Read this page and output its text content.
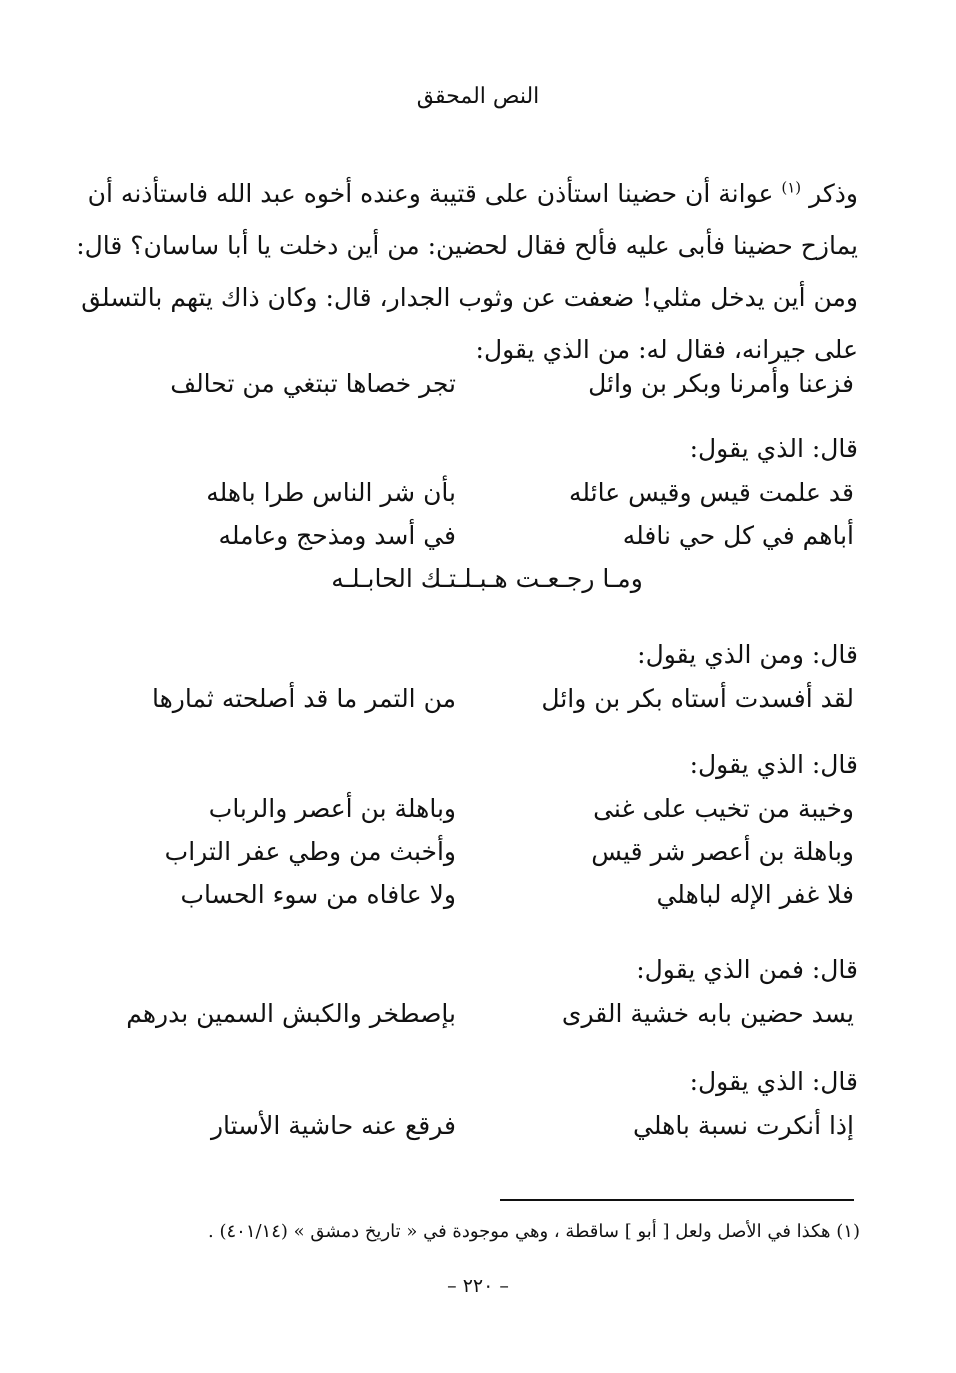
النص المحقق
وذكر $^{(١)}$ عوانة أن حضينا استأذن على قتيبة وعنده أخوه عبد الله فاستأذنه أن
يمازح حضينا فأبى عليه فألح فقال لحضين: من أين دخلت يا أبا ساسان؟ قال:
ومن أين يدخل مثلي! ضعفت عن وثوب الجدار، قال: وكان ذاك يتهم بالتسلق
على جيرانه، فقال له: من الذي يقول:
فزعنا وأمرنا وبكر بن وائل
تجر خصاها تبتغي من تحالف
قال: الذي يقول:
قد علمت قيس وقيس عائله
بأن شر الناس طرا باهله
أباهم في كل حي نافله
في أسد ومذحج وعامله
ومـا رجـعـت هـبـلـتـك الحابـلـه
قال: ومن الذي يقول:
لقد أفسدت أستاه بكر بن وائل
من التمر ما قد أصلحته ثمارها
قال: الذي يقول:
وخيبة من تخيب على غنى
وباهلة بن أعصر والرباب
وباهلة بن أعصر شر قيس
وأخبث من وطي عفر التراب
فلا غفر الإله لباهلي
ولا عافاه من سوء الحساب
قال: فمن الذي يقول:
يسد حضين بابه خشية القرى
بإصطخر والكبش السمين بدرهم
قال: الذي يقول:
إذا أنكرت نسبة باهلي
فرقع عنه حاشية الأستار
(١) هكذا في الأصل ولعل [ أبو ] ساقطة ، وهي موجودة في « تاريخ دمشق » (٤٠١/١٤) .
– ٢٢٠ –
